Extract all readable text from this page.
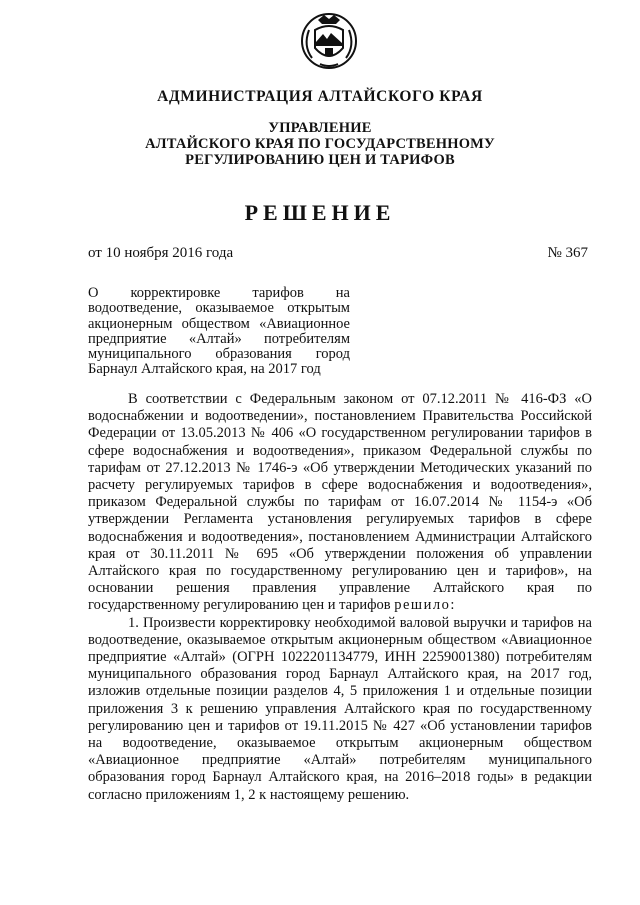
АДМИНИСТРАЦИЯ АЛТАЙСКОГО КРАЯ
УПРАВЛЕНИЕ
АЛТАЙСКОГО КРАЯ ПО ГОСУДАРСТВЕННОМУ
РЕГУЛИРОВАНИЮ ЦЕН И ТАРИФОВ
РЕШЕНИЕ
от 10 ноября 2016 года	№ 367
О корректировке тарифов на водоотведение, оказываемое открытым акционерным обществом «Авиационное предприятие «Алтай» потребителям муниципального образования город Барнаул Алтайского края, на 2017 год

В соответствии с Федеральным законом от 07.12.2011 № 416-ФЗ «О водоснабжении и водоотведении», постановлением Правительства Российской Федерации от 13.05.2013 № 406 «О государственном регулировании тарифов в сфере водоснабжения и водоотведения», приказом Федеральной службы по тарифам от 27.12.2013 № 1746-э «Об утверждении Методических указаний по расчету регулируемых тарифов в сфере водоснабжения и водоотведения», приказом Федеральной службы по тарифам от 16.07.2014 № 1154-э «Об утверждении Регламента установления регулируемых тарифов в сфере водоснабжения и водоотведения», постановлением Администрации Алтайского края от 30.11.2011 № 695 «Об утверждении положения об управлении Алтайского края по государственному регулированию цен и тарифов», на основании решения правления управление Алтайского края по государственному регулированию цен и тарифов решило:

1. Произвести корректировку необходимой валовой выручки и тарифов на водоотведение, оказываемое открытым акционерным обществом «Авиационное предприятие «Алтай» (ОГРН 1022201134779, ИНН 2259001380) потребителям муниципального образования город Барнаул Алтайского края, на 2017 год, изложив отдельные позиции разделов 4, 5 приложения 1 и отдельные позиции приложения 3 к решению управления Алтайского края по государственному регулированию цен и тарифов от 19.11.2015 № 427 «Об установлении тарифов на водоотведение, оказываемое открытым акционерным обществом «Авиационное предприятие «Алтай» потребителям муниципального образования город Барнаул Алтайского края, на 2016–2018 годы» в редакции согласно приложениям 1, 2 к настоящему решению.
